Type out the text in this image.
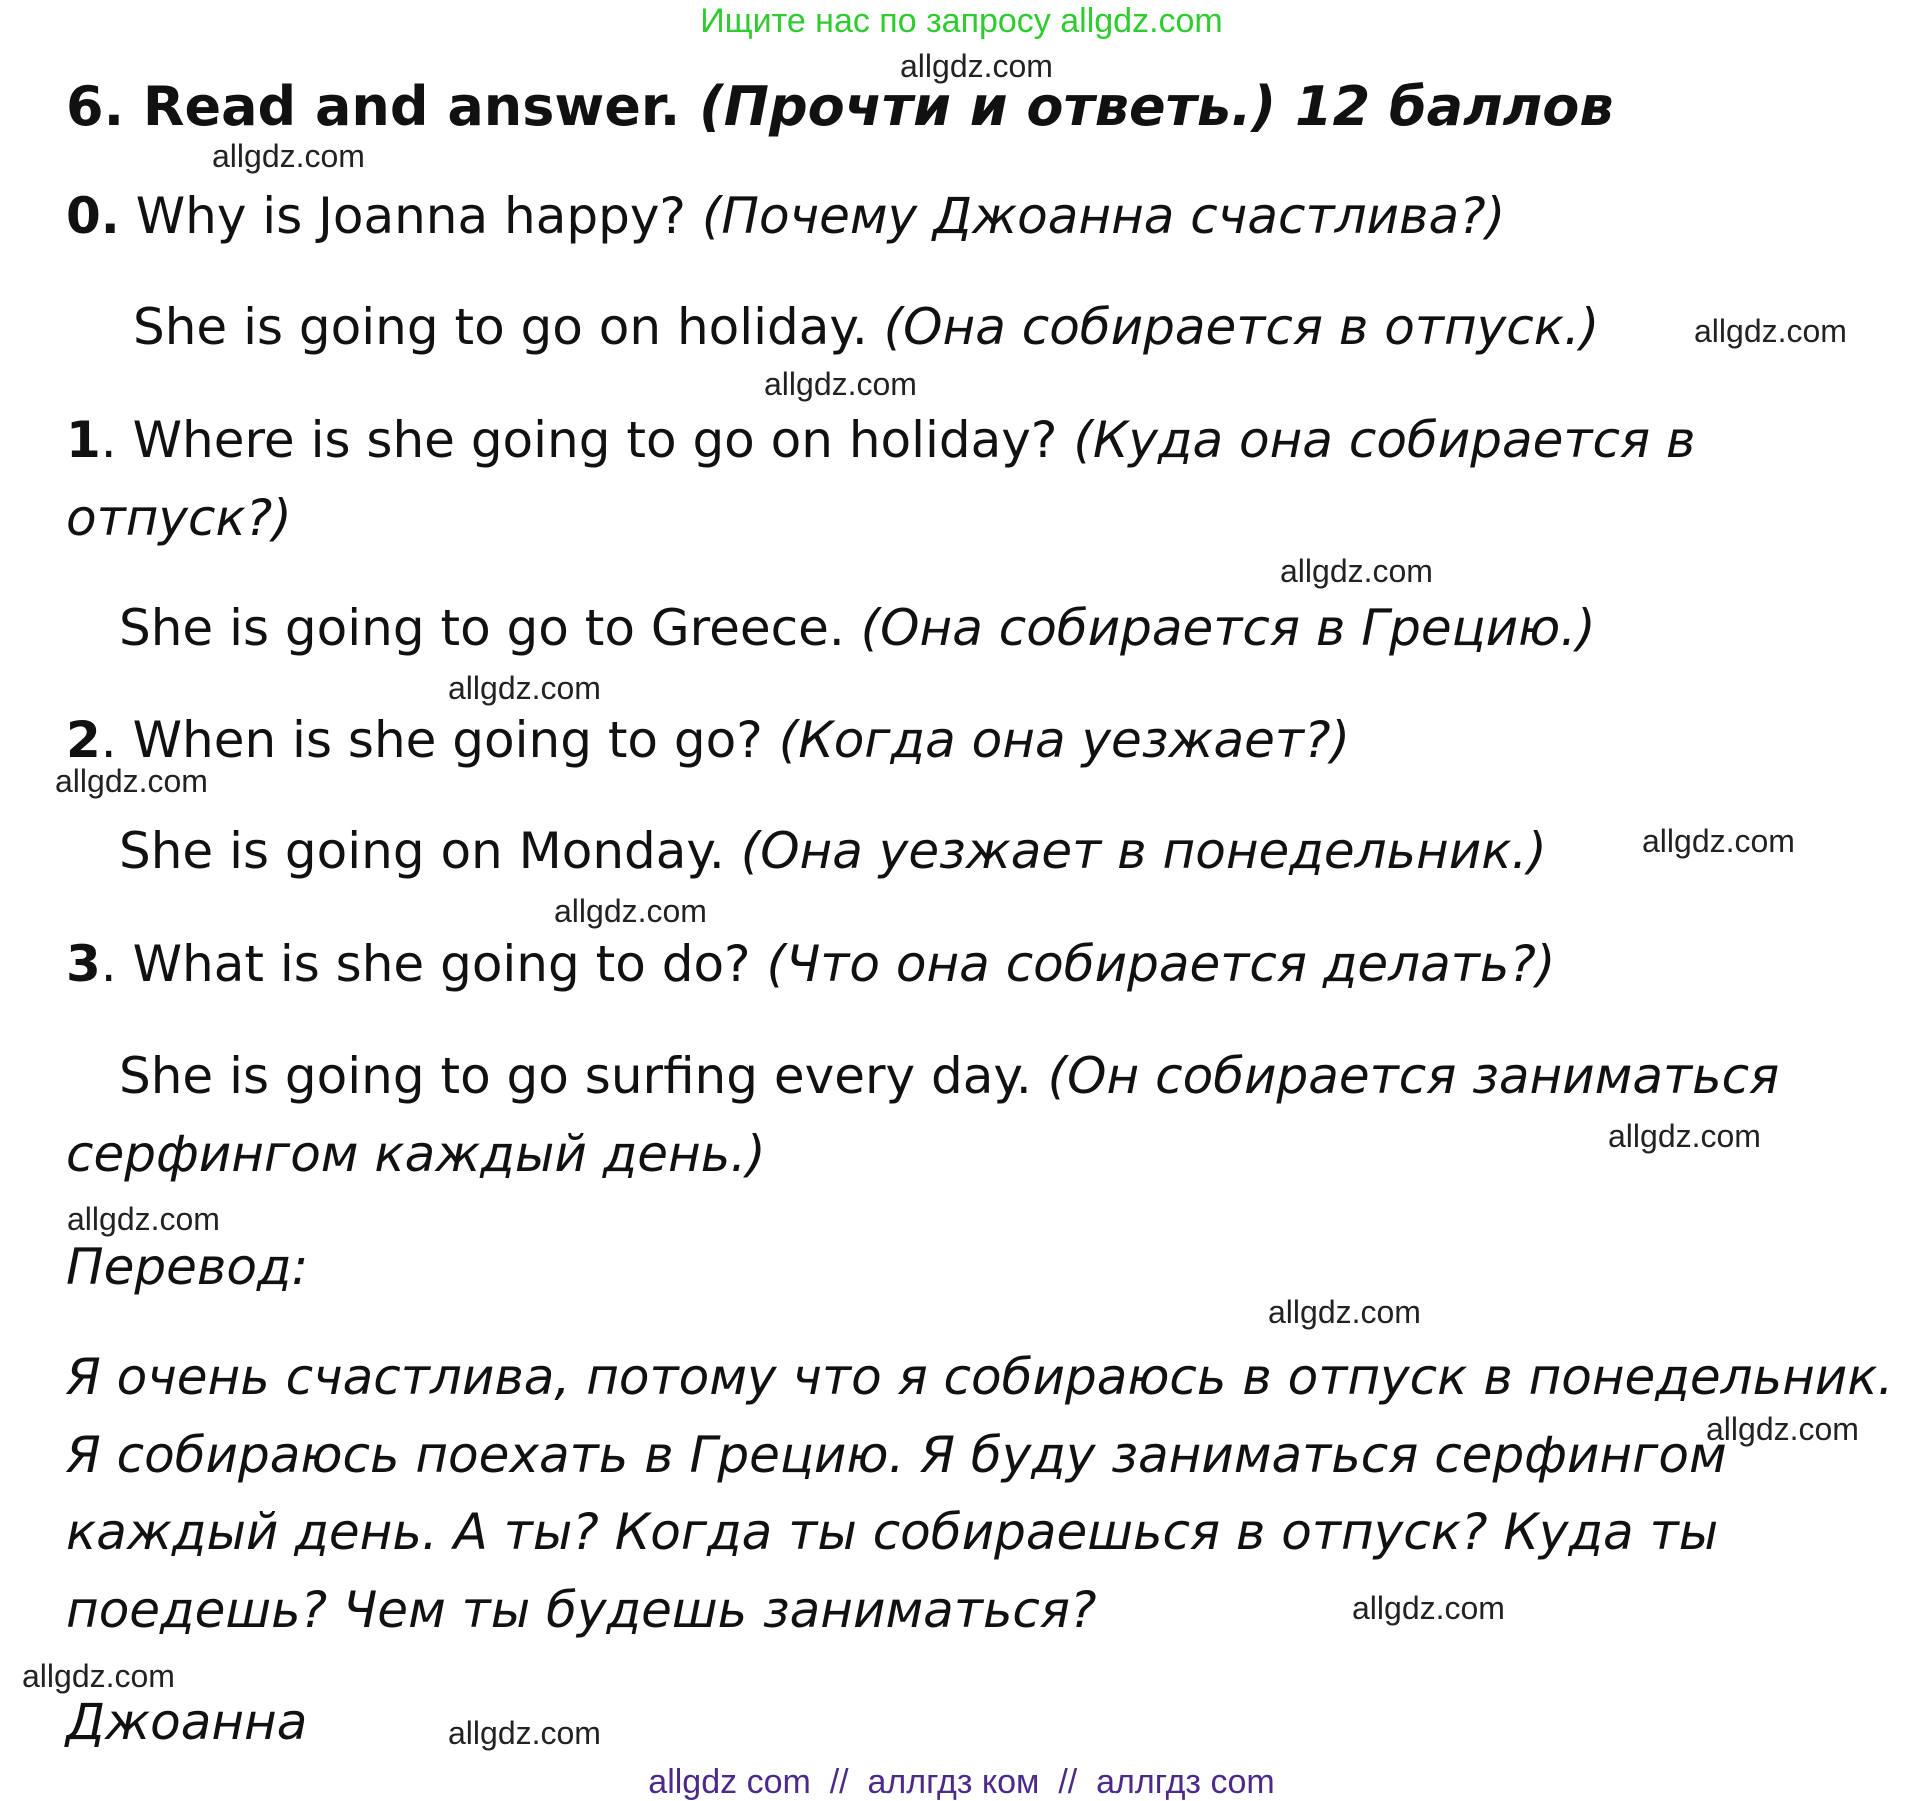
Ищите нас по запросу allgdz.com
allgdz.com
allgdz.com
allgdz.com
allgdz.com
allgdz.com
allgdz.com
allgdz.com
allgdz.com
allgdz.com
allgdz.com
allgdz.com
allgdz.com
allgdz.com
allgdz.com
allgdz.com
allgdz.com
6. Read and answer. (Прочти и ответь.) 12 баллов
0. Why is Joanna happy? (Почему Джоанна счастлива?)
She is going to go on holiday. (Она собирается в отпуск.)
1. Where is she going to go on holiday? (Куда она собирается в
отпуск?)
She is going to go to Greece. (Она собирается в Грецию.)
2. When is she going to go? (Когда она уезжает?)
She is going on Monday. (Она уезжает в понедельник.)
3. What is she going to do? (Что она собирается делать?)
She is going to go surfing every day. (Он собирается заниматься
серфингом каждый день.)
Перевод:
Я очень счастлива, потому что я собираюсь в отпуск в понедельник.
Я собираюсь поехать в Грецию. Я буду заниматься серфингом
каждый день. А ты? Когда ты собираешься в отпуск? Куда ты
поедешь? Чем ты будешь заниматься?
Джоанна
allgdz com // аллгдз ком // аллгдз com
